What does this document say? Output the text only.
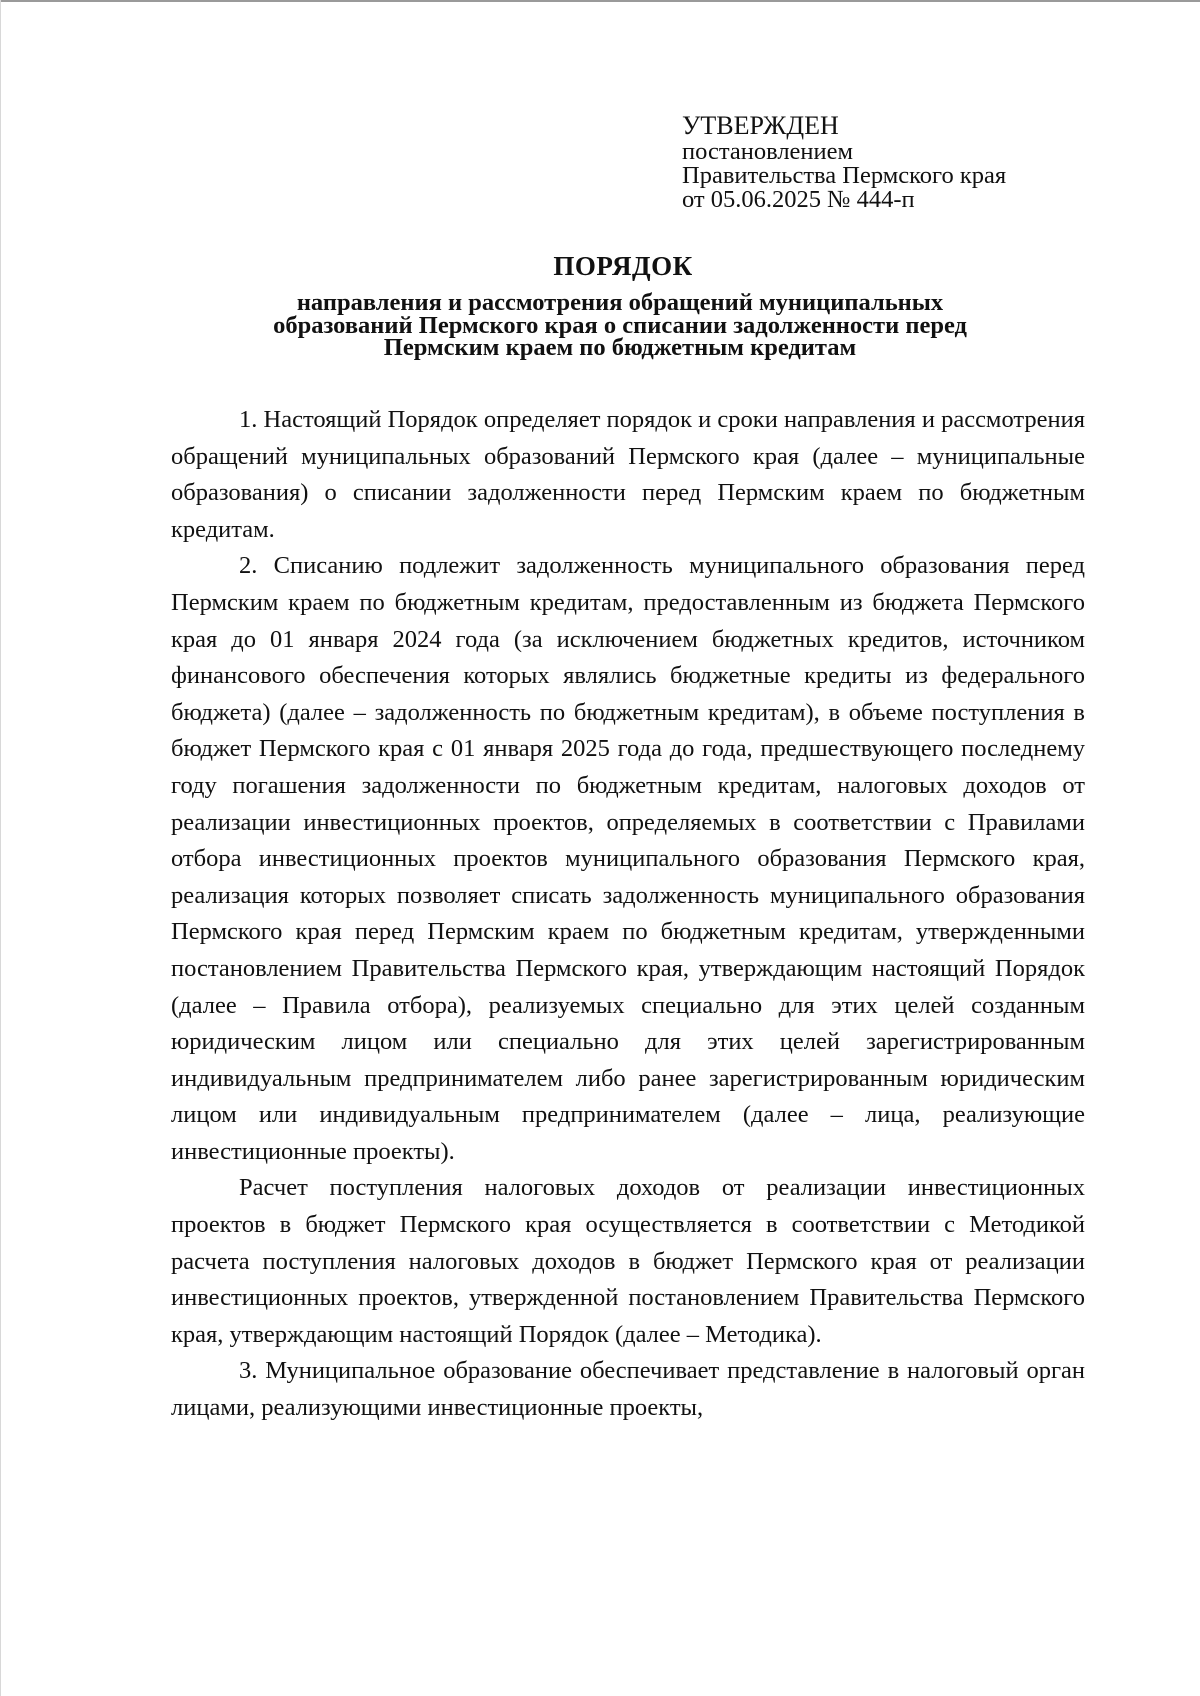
УТВЕРЖДЕН
постановлением
Правительства Пермского края
от 05.06.2025 № 444-п
ПОРЯДОК
направления и рассмотрения обращений муниципальных
образований Пермского края о списании задолженности перед
Пермским краем по бюджетным кредитам

1. Настоящий Порядок определяет порядок и сроки направления и рассмотрения обращений муниципальных образований Пермского края (далее – муниципальные образования) о списании задолженности перед Пермским краем по бюджетным кредитам.

2. Списанию подлежит задолженность муниципального образования перед Пермским краем по бюджетным кредитам, предоставленным из бюджета Пермского края до 01 января 2024 года (за исключением бюджетных кредитов, источником финансового обеспечения которых являлись бюджетные кредиты из федерального бюджета) (далее – задолженность по бюджетным кредитам), в объеме поступления в бюджет Пермского края с 01 января 2025 года до года, предшествующего последнему году погашения задолженности по бюджетным кредитам, налоговых доходов от реализации инвестиционных проектов, определяемых в соответствии с Правилами отбора инвестиционных проектов муниципального образования Пермского края, реализация которых позволяет списать задолженность муниципального образования Пермского края перед Пермским краем по бюджетным кредитам, утвержденными постановлением Правительства Пермского края, утверждающим настоящий Порядок (далее – Правила отбора), реализуемых специально для этих целей созданным юридическим лицом или специально для этих целей зарегистрированным индивидуальным предпринимателем либо ранее зарегистрированным юридическим лицом или индивидуальным предпринимателем (далее – лица, реализующие инвестиционные проекты).

Расчет поступления налоговых доходов от реализации инвестиционных проектов в бюджет Пермского края осуществляется в соответствии с Методикой расчета поступления налоговых доходов в бюджет Пермского края от реализации инвестиционных проектов, утвержденной постановлением Правительства Пермского края, утверждающим настоящий Порядок (далее – Методика).

3. Муниципальное образование обеспечивает представление в налоговый орган лицами, реализующими инвестиционные проекты,
